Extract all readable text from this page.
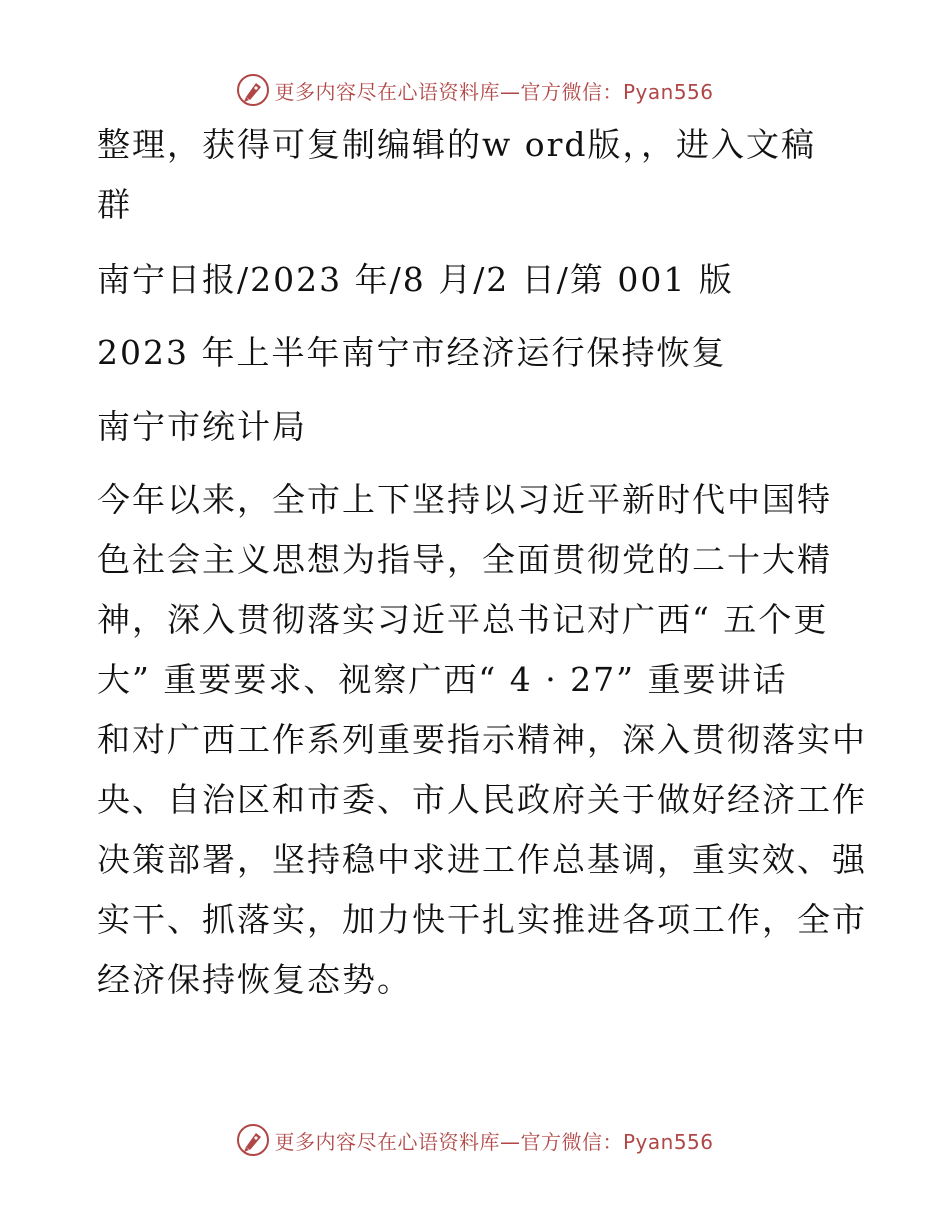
更多内容尽在心语资料库—官方微信：Pyan556

整理，获得可复制编辑的w ord版，，进入文稿
群

南宁日报/2023 年/8 月/2 日/第 001 版

2023 年上半年南宁市经济运行保持恢复

南宁市统计局

今年以来，全市上下坚持以习近平新时代中国特
色社会主义思想为指导，全面贯彻党的二十大精
神，深入贯彻落实习近平总书记对广西“ 五个更
大” 重要要求、视察广西“ 4 · 27” 重要讲话
和对广西工作系列重要指示精神，深入贯彻落实中
央、自治区和市委、市人民政府关于做好经济工作
决策部署，坚持稳中求进工作总基调，重实效、强
实干、抓落实，加力快干扎实推进各项工作，全市
经济保持恢复态势。

更多内容尽在心语资料库—官方微信：Pyan556
